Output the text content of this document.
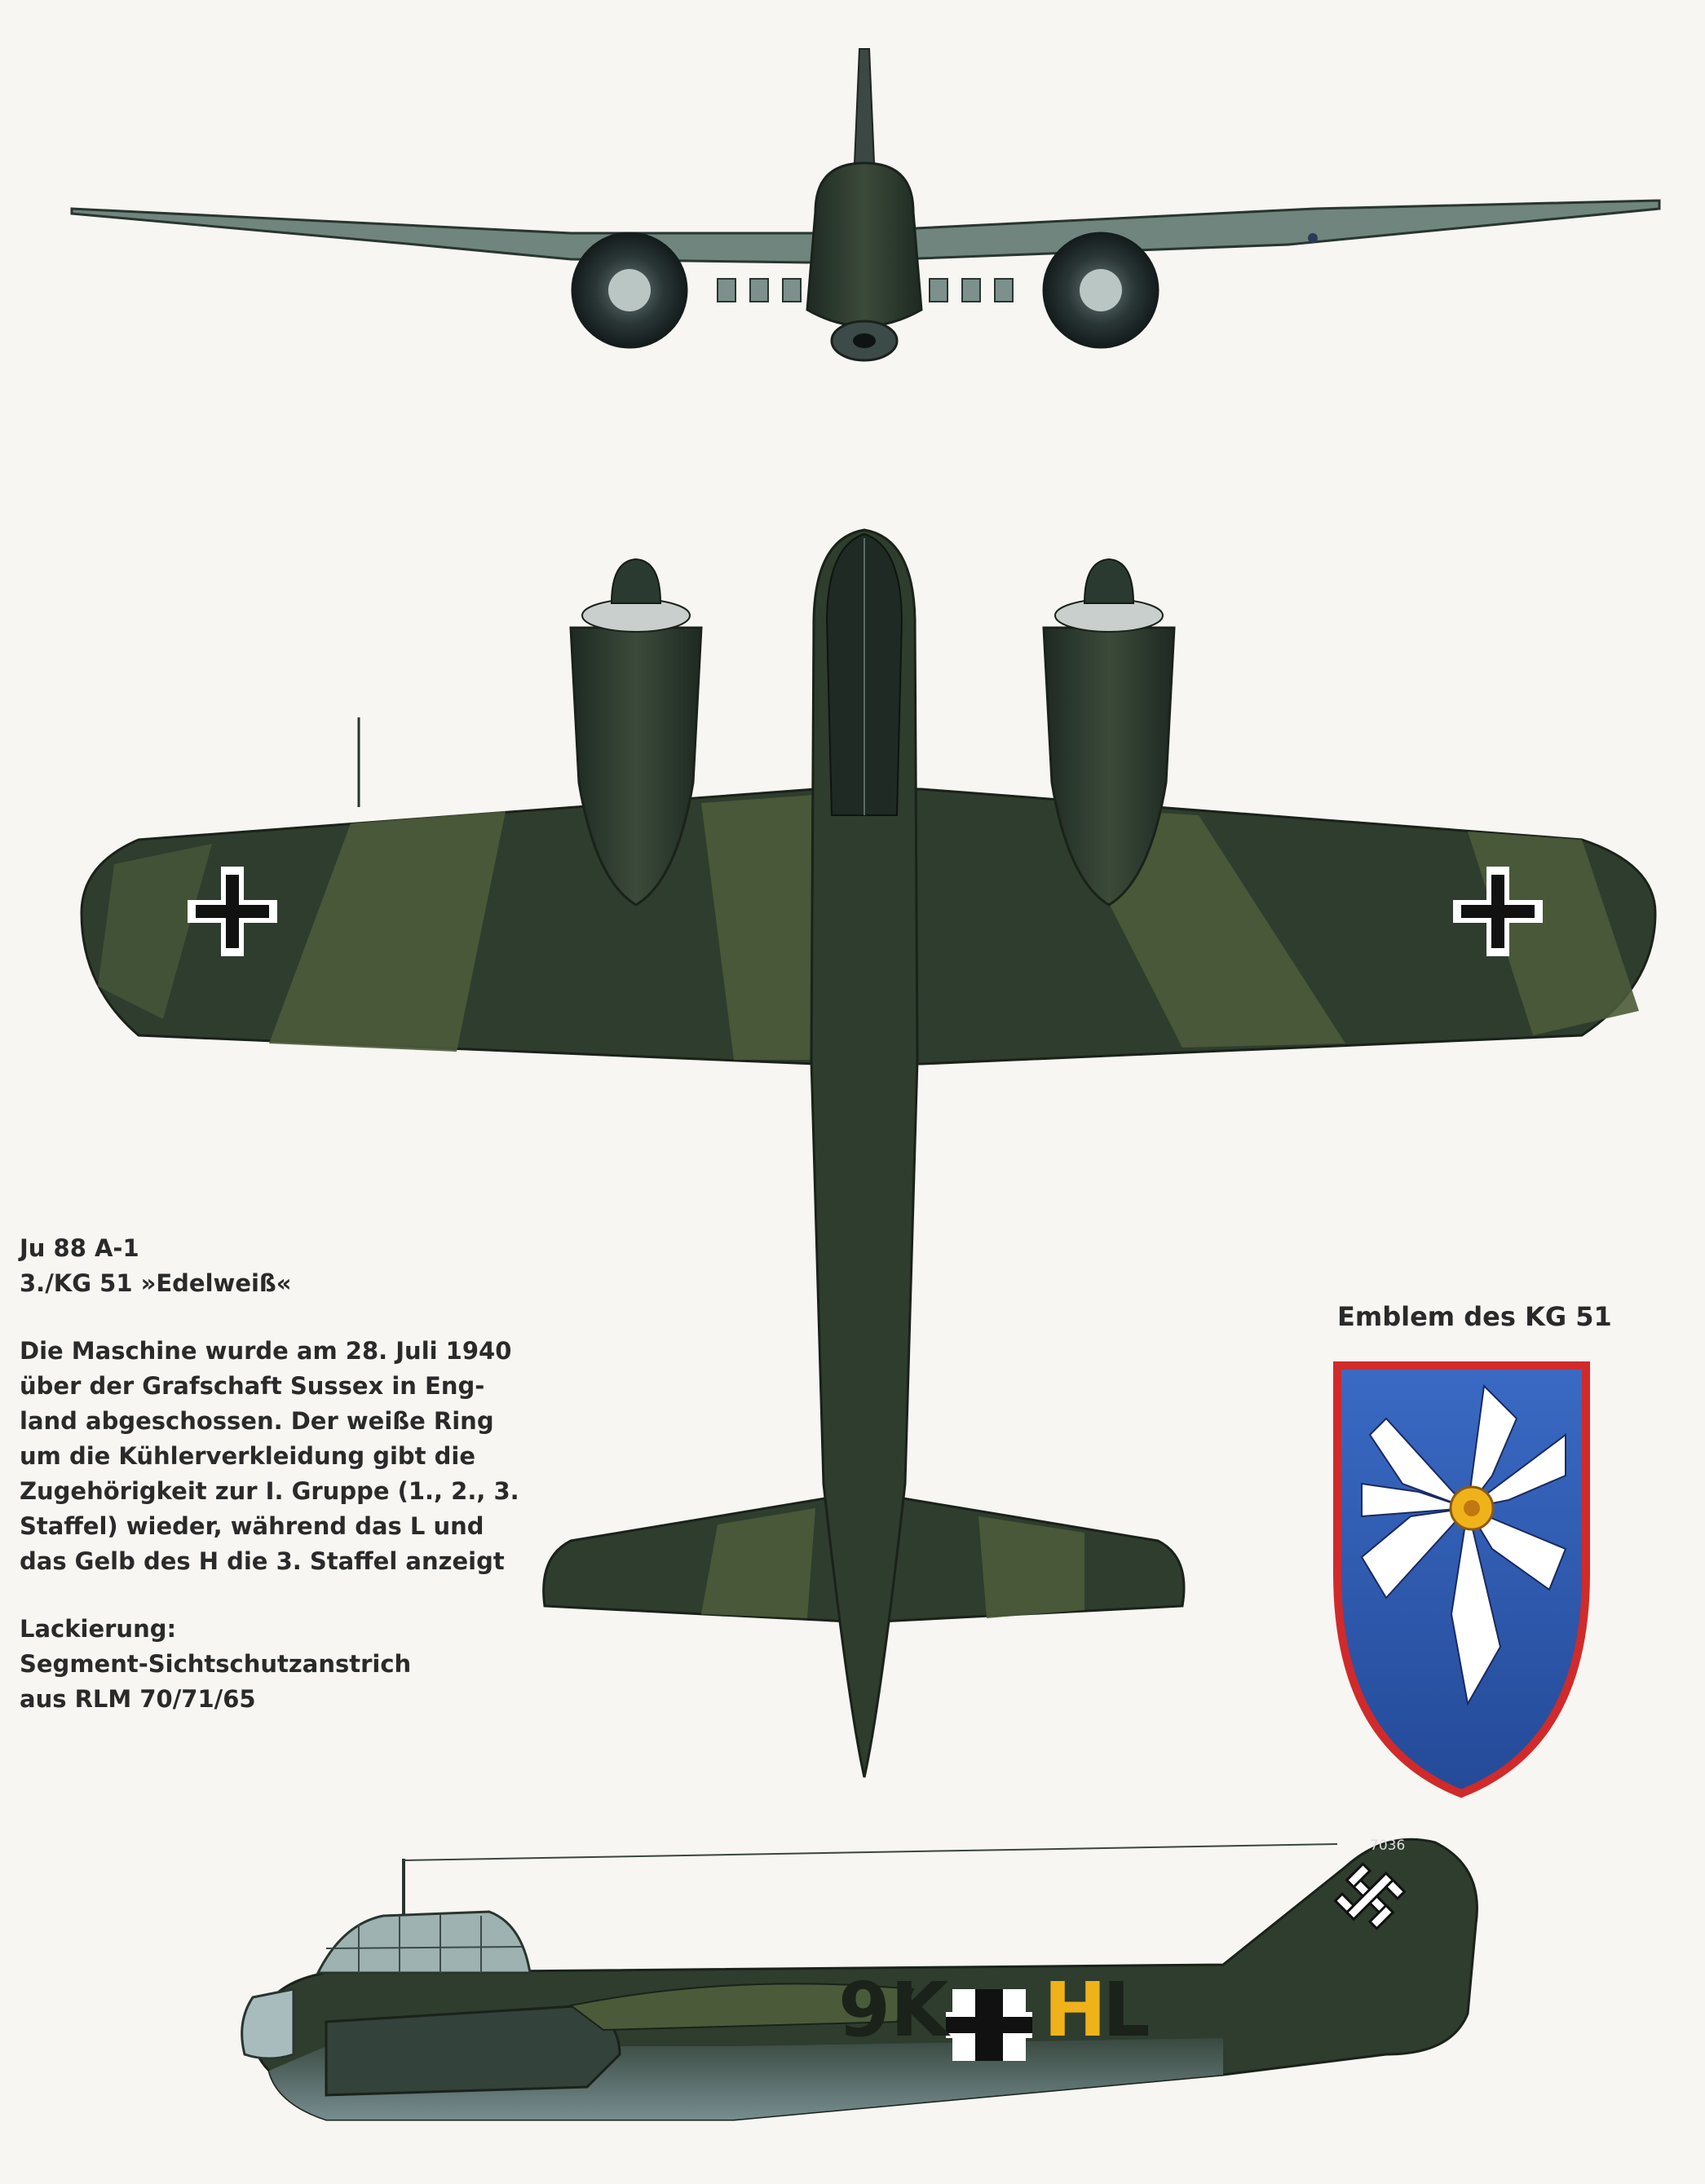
Ju 88 A-1

3./KG 51 »Edelweiß«

Die Maschine wurde am 28. Juli 1940

über der Grafschaft Sussex in Eng-

land abgeschossen. Der weiße Ring

um die Kühlerverkleidung gibt die

Zugehörigkeit zur I. Gruppe (1., 2., 3.

Staffel) wieder, während das L und

das Gelb des H die 3. Staffel anzeigt

Lackierung:

Segment-Sichtschutzanstrich

aus RLM 70/71/65

Emblem des KG 51
7036
9K H
L
